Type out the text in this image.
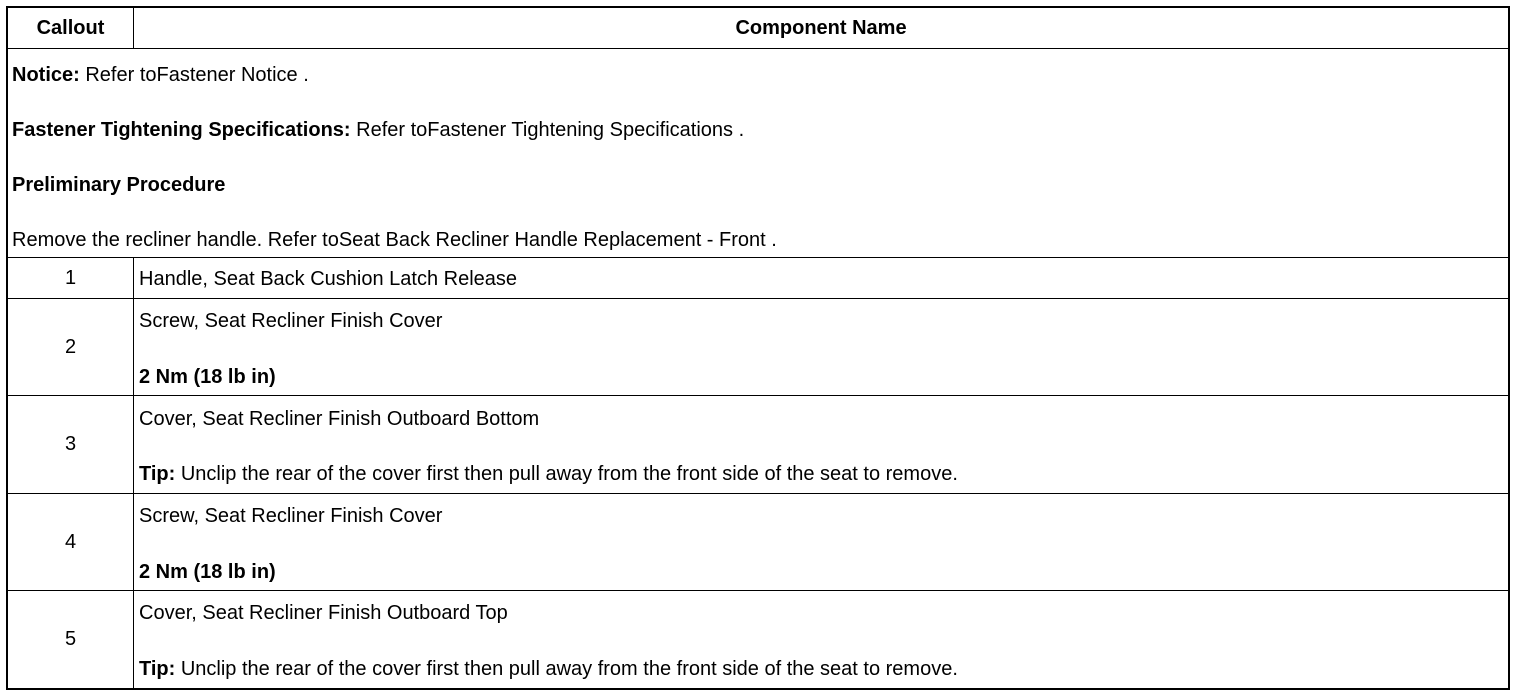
Callout	Component Name
Notice: Refer toFastener Notice .
Fastener Tightening Specifications: Refer toFastener Tightening Specifications .
Preliminary Procedure
Remove the recliner handle. Refer toSeat Back Recliner Handle Replacement - Front .
1	Handle, Seat Back Cushion Latch Release
2
Screw, Seat Recliner Finish Cover
2 Nm (18 lb in)
3
Cover, Seat Recliner Finish Outboard Bottom
Tip: Unclip the rear of the cover first then pull away from the front side of the seat to remove.
4
Screw, Seat Recliner Finish Cover
2 Nm (18 lb in)
5
Cover, Seat Recliner Finish Outboard Top
Tip: Unclip the rear of the cover first then pull away from the front side of the seat to remove.
